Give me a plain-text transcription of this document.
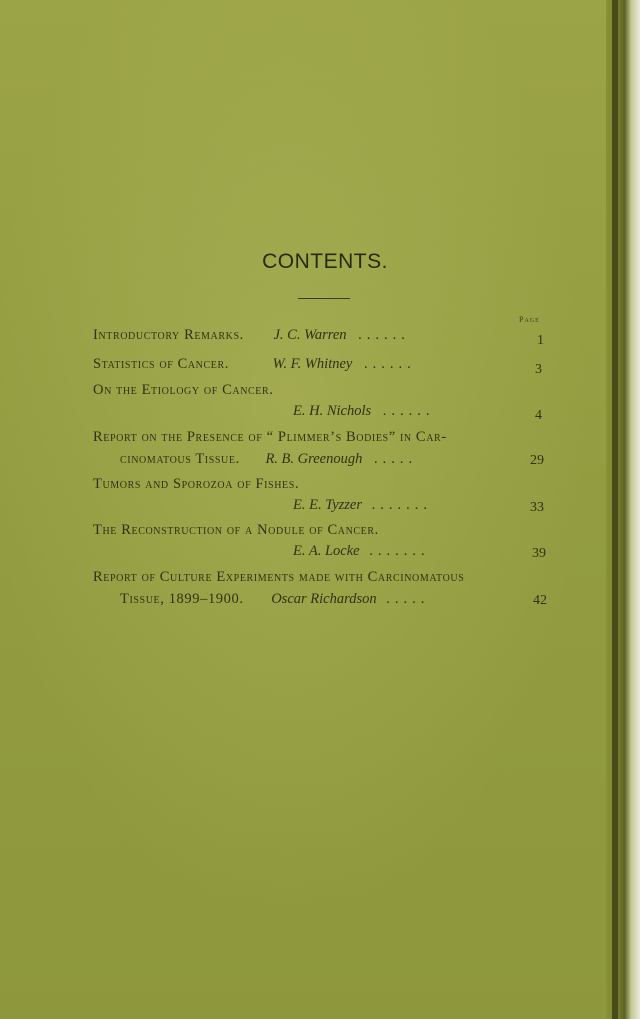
CONTENTS.
Page
Introductory Remarks. J. C. Warren ......	1
Statistics of Cancer.	W. F. Whitney ......	3
On the Etiology of Cancer.
E. H. Nichols ......	4
Report on the Presence of “ Plimmer’s Bodies” in Car-
cinomatous Tissue. R. B. Greenough .....	29
Tumors and Sporozoa of Fishes.
E. E. Tyzzer .......	33
The Reconstruction of a Nodule of Cancer.
E. A. Locke .......	39
Report of Culture Experiments made with Carcinomatous
Tissue, 1899–1900. Oscar Richardson .....	42
